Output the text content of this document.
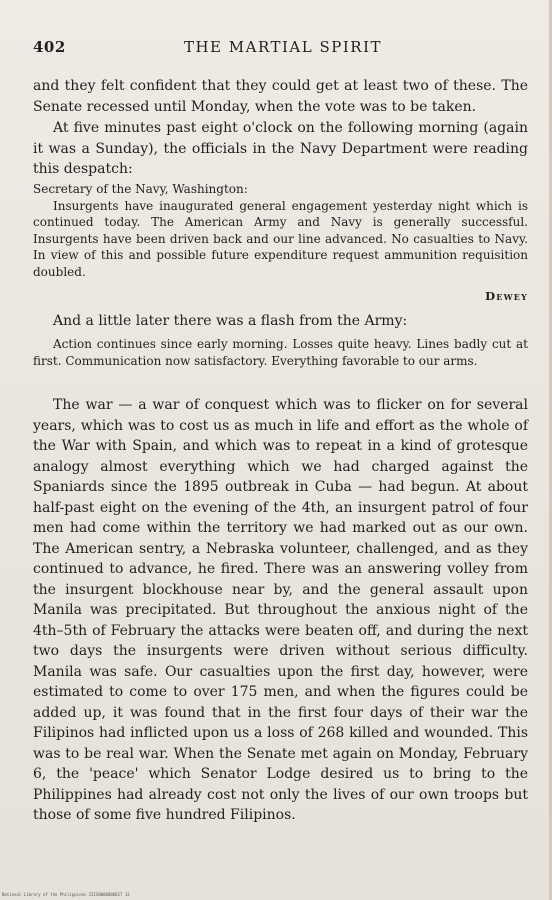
402	THE MARTIAL SPIRIT

and they felt confident that they could get at least two of these. The Senate recessed until Monday, when the vote was to be taken.

At five minutes past eight o'clock on the following morning (again it was a Sunday), the officials in the Navy Department were reading this despatch:

Secretary of the Navy, Washington:

Insurgents have inaugurated general engagement yesterday night which is continued today. The American Army and Navy is generally successful. Insurgents have been driven back and our line advanced. No casualties to Navy. In view of this and possible future expenditure request ammunition requisition doubled.

Dewey

And a little later there was a flash from the Army:

Action continues since early morning. Losses quite heavy. Lines badly cut at first. Communication now satisfactory. Everything favorable to our arms.

The war — a war of conquest which was to flicker on for several years, which was to cost us as much in life and effort as the whole of the War with Spain, and which was to repeat in a kind of grotesque analogy almost everything which we had charged against the Spaniards since the 1895 outbreak in Cuba — had begun. At about half-past eight on the evening of the 4th, an insurgent patrol of four men had come within the territory we had marked out as our own. The American sentry, a Nebraska volunteer, challenged, and as they continued to advance, he fired. There was an answering volley from the insurgent blockhouse near by, and the general assault upon Manila was precipitated. But throughout the anxious night of the 4th–5th of February the attacks were beaten off, and during the next two days the insurgents were driven without serious difficulty. Manila was safe. Our casualties upon the first day, however, were estimated to come to over 175 men, and when the figures could be added up, it was found that in the first four days of their war the Filipinos had inflicted upon us a loss of 268 killed and wounded. This was to be real war. When the Senate met again on Monday, February 6, the 'peace' which Senator Lodge desired us to bring to the Philippines had already cost not only the lives of our own troops but those of some five hundred Filipinos.

National Library of the Philippines ISIS0000006817 12
